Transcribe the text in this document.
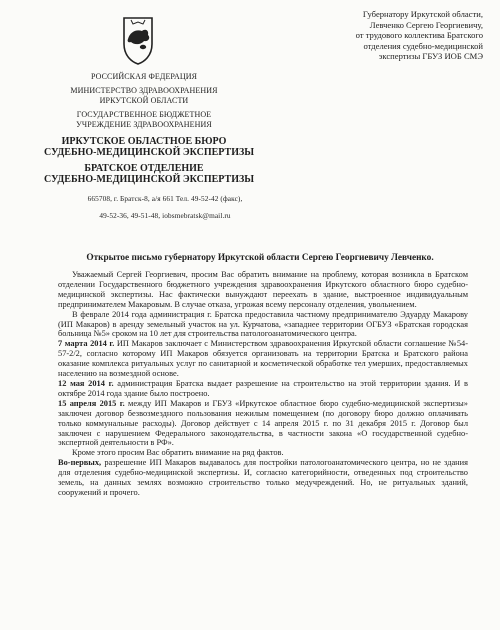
РОССИЙСКАЯ ФЕДЕРАЦИЯ
МИНИСТЕРСТВО ЗДРАВООХРАНЕНИЯ
ИРКУТСКОЙ ОБЛАСТИ
ГОСУДАРСТВЕННОЕ БЮДЖЕТНОЕ
УЧРЕЖДЕНИЕ ЗДРАВООХРАНЕНИЯ
ИРКУТСКОЕ ОБЛАСТНОЕ БЮРО
СУДЕБНО-МЕДИЦИНСКОЙ ЭКСПЕРТИЗЫ
БРАТСКОЕ ОТДЕЛЕНИЕ
СУДЕБНО-МЕДИЦИНСКОЙ ЭКСПЕРТИЗЫ
665708, г. Братск-8, а/я 661 Тел. 49-52-42 (факс),
49-52-36, 49-51-48, iobsmebratsk@mail.ru
Губернатору Иркутской области,
Левченко Сергею Георгиевичу,
от трудового коллектива Братского
отделения судебно-медицинской
экспертизы ГБУЗ ИОБ СМЭ
Открытое письмо губернатору Иркутской области Сергею Георгиевичу Левченко.

Уважаемый Сергей Георгиевич, просим Вас обратить внимание на проблему, которая возникла в Братском отделении Государственного бюджетного учреждения здравоохранения Иркутского областного бюро судебно-медицинской экспертизы. Нас фактически вынуждают переехать в здание, выстроенное индивидуальным предпринимателем Макаровым. В случае отказа, угрожая всему персоналу отделения, увольнением.

В феврале 2014 года администрация г. Братска предоставила частному предпринимателю Эдуарду Макарову (ИП Макаров) в аренду земельный участок на ул. Курчатова, «западнее территории ОГБУЗ «Братская городская больница №5» сроком на 10 лет для строительства патологоанатомического центра.

7 марта 2014 г. ИП Макаров заключает с Министерством здравоохранения Иркутской области соглашение №54-57-2/2, согласно которому ИП Макаров обязуется организовать на территории Братска и Братского района оказание комплекса ритуальных услуг по санитарной и косметической обработке тел умерших, предоставляемых населению на возмездной основе.

12 мая 2014 г. администрация Братска выдает разрешение на строительство на этой территории здания. И в октябре 2014 года здание было построено.

15 апреля 2015 г. между ИП Макаров и ГБУЗ «Иркутское областное бюро судебно-медицинской экспертизы» заключен договор безвозмездного пользования нежилым помещением (по договору бюро должно оплачивать только коммунальные расходы). Договор действует с 14 апреля 2015 г. по 31 декабря 2015 г. Договор был заключен с нарушением Федерального законодательства, в частности закона «О государственной судебно-экспертной деятельности в РФ».

Кроме этого просим Вас обратить внимание на ряд фактов.

Во-первых, разрешение ИП Макаров выдавалось для постройки патологоанатомического центра, но не здания для отделения судебно-медицинской экспертизы. И, согласно категорийности, отведенных под строительство земель, на данных землях возможно строительство только медучреждений. Но, не ритуальных зданий, сооружений и прочего.
